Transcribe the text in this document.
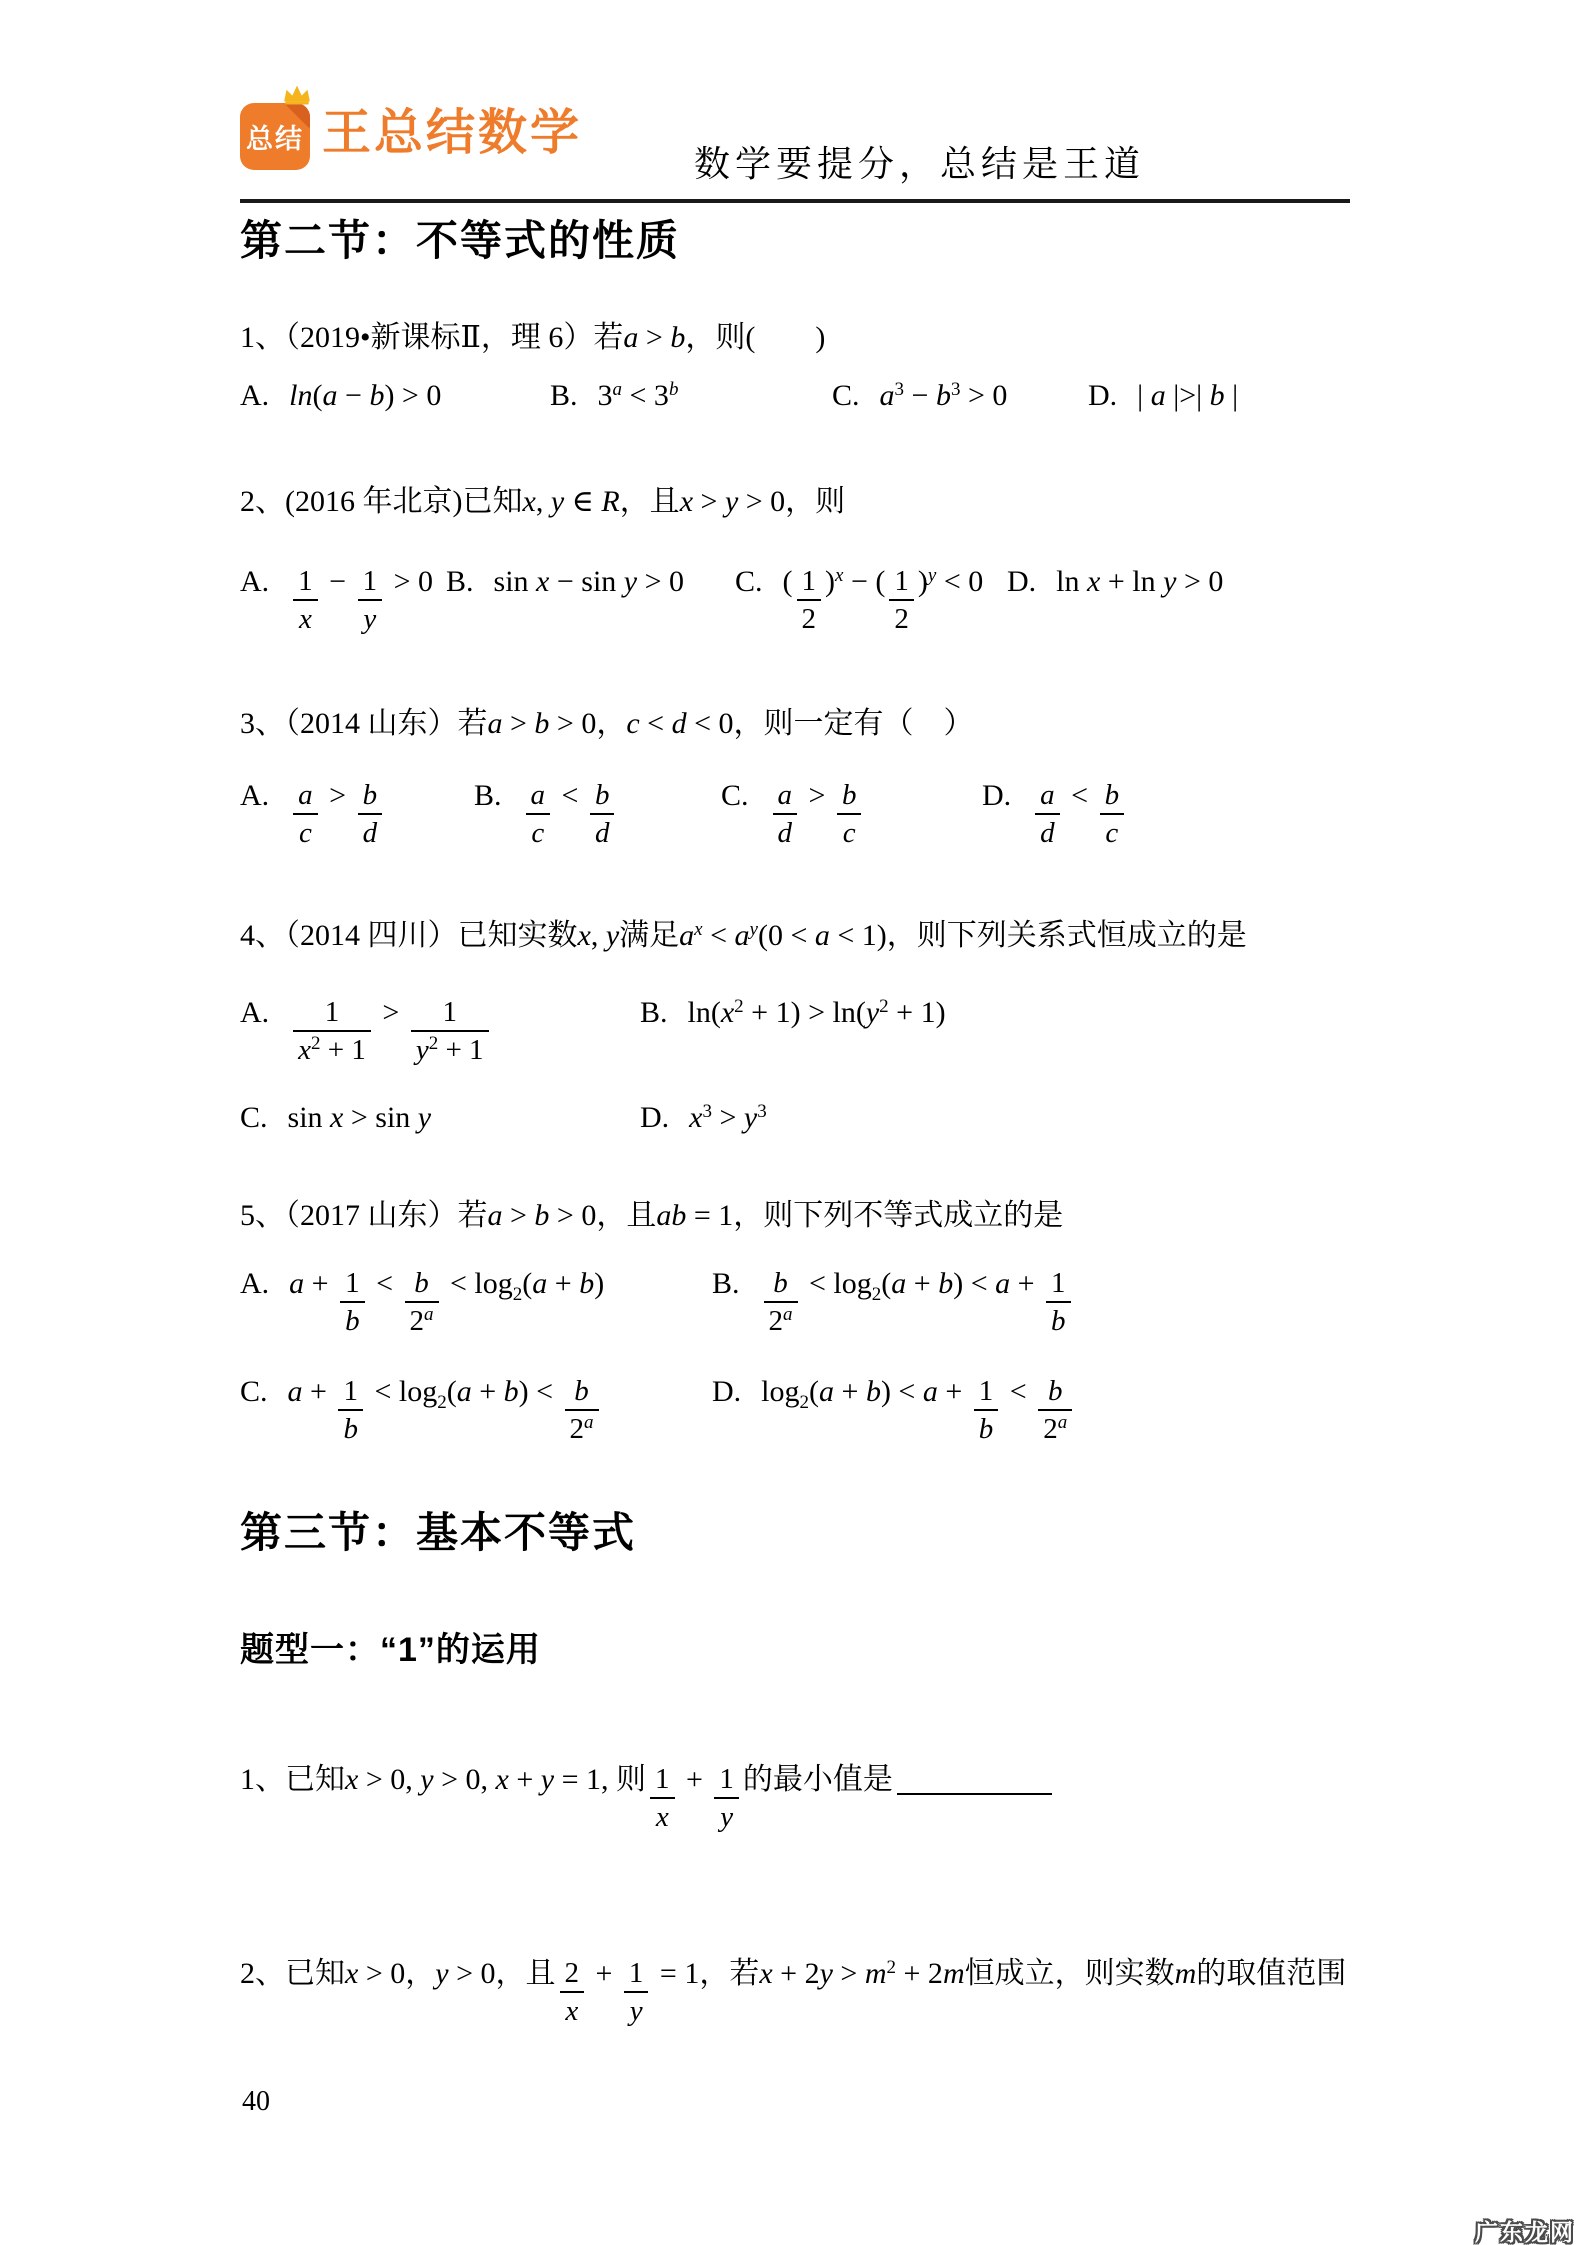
总结 王总结数学
数学要提分，总结是王道
第二节：不等式的性质
1、（2019•新课标Ⅱ，理 6）若a > b，则(　　)
A. ln(a − b) > 0	B. $3^a < 3^b$	C. $a^3 - b^3 > 0$	D. | a |>| b |
2、(2016 年北京)已知x, y ∈ R，且x > y > 0，则
A. $\frac{1}{x} - \frac{1}{y} > 0$ B. sin x − sin y > 0 C. ( $\frac{1}{2} )^x$ − ( $\frac{1}{2} )^y < 0$ D. ln x + ln y > 0
3、（2014 山东）若a > b > 0，c < d < 0，则一定有（　）
A. $\frac{a}{c} > \frac{b}{d}$	B. $\frac{a}{c} < \frac{b}{d}$	C. $\frac{a}{d} > \frac{b}{c}$	D. $\frac{a}{d} < \frac{b}{c}$
4、（2014 四川）已知实数x, y满足$a^x < a^y(0 < a < 1)$，则下列关系式恒成立的是
A. $\frac{1}{x^2 + 1} > \frac{1}{y^2 + 1}$	B. $\ln(x^2 + 1) > \ln(y^2 + 1)$
C. sin x > sin y	D. $x^3 > y^3$
5、（2017 山东）若a > b > 0，且ab = 1，则下列不等式成立的是
A. $a + \frac{1}{b} < \frac{b}{2^a} < \log_2(a + b)$	B. $\frac{b}{2^a} < \log_2(a + b) < a + \frac{1}{b}$
C. $a + \frac{1}{b} < \log_2(a + b) < \frac{b}{2^a}$	D. $\log_2(a + b) < a + \frac{1}{b} < \frac{b}{2^a}$
第三节：基本不等式
题型一：“1”的运用
1、已知x > 0, y > 0, x + y = 1, 则 $\frac{1}{x} + \frac{1}{y}$ 的最小值是
2、已知x > 0，y > 0，且 $\frac{2}{x} + \frac{1}{y} = 1$，若$x + 2y > m^2 + 2m$恒成立，则实数m的取值范围
40
广东龙网
